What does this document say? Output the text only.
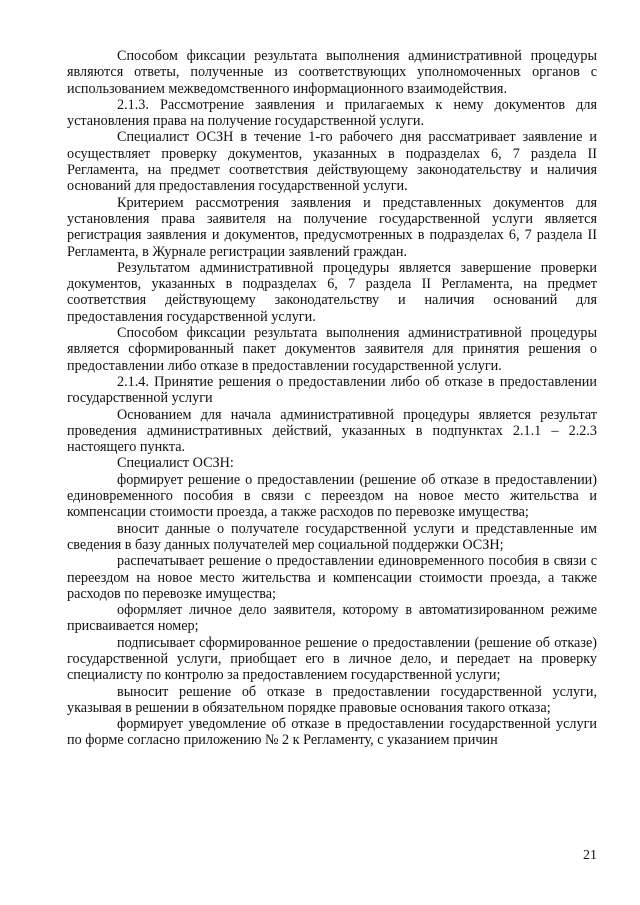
Способом фиксации результата выполнения административной процедуры являются ответы, полученные из соответствующих уполномоченных органов с использованием межведомственного информационного взаимодействия.

2.1.3. Рассмотрение заявления и прилагаемых к нему документов для установления права на получение государственной услуги.

Специалист ОСЗН в течение 1-го рабочего дня рассматривает заявление и осуществляет проверку документов, указанных в подразделах 6, 7 раздела II Регламента, на предмет соответствия действующему законодательству и наличия оснований для предоставления государственной услуги.

Критерием рассмотрения заявления и представленных документов для установления права заявителя на получение государственной услуги является регистрация заявления и документов, предусмотренных в подразделах 6, 7 раздела II Регламента, в Журнале регистрации заявлений граждан.

Результатом административной процедуры является завершение проверки документов, указанных в подразделах 6, 7 раздела II Регламента, на предмет соответствия действующему законодательству и наличия оснований для предоставления государственной услуги.

Способом фиксации результата выполнения административной процедуры является сформированный пакет документов заявителя для принятия решения о предоставлении либо отказе в предоставлении государственной услуги.

2.1.4. Принятие решения о предоставлении либо об отказе в предоставлении государственной услуги

Основанием для начала административной процедуры является результат проведения административных действий, указанных в подпунктах 2.1.1 – 2.2.3 настоящего пункта.

Специалист ОСЗН:

формирует решение о предоставлении (решение об отказе в предоставлении) единовременного пособия в связи с переездом на новое место жительства и компенсации стоимости проезда, а также расходов по перевозке имущества;

вносит данные о получателе государственной услуги и представленные им сведения в базу данных получателей мер социальной поддержки ОСЗН;

распечатывает решение о предоставлении единовременного пособия в связи с переездом на новое место жительства и компенсации стоимости проезда, а также расходов по перевозке имущества;

оформляет личное дело заявителя, которому в автоматизированном режиме присваивается номер;

подписывает сформированное решение о предоставлении (решение об отказе) государственной услуги, приобщает его в личное дело, и передает на проверку специалисту по контролю за предоставлением государственной услуги;

выносит решение об отказе в предоставлении государственной услуги, указывая в решении в обязательном порядке правовые основания такого отказа;

формирует уведомление об отказе в предоставлении государственной услуги по форме согласно приложению № 2 к Регламенту, с указанием причин

21
